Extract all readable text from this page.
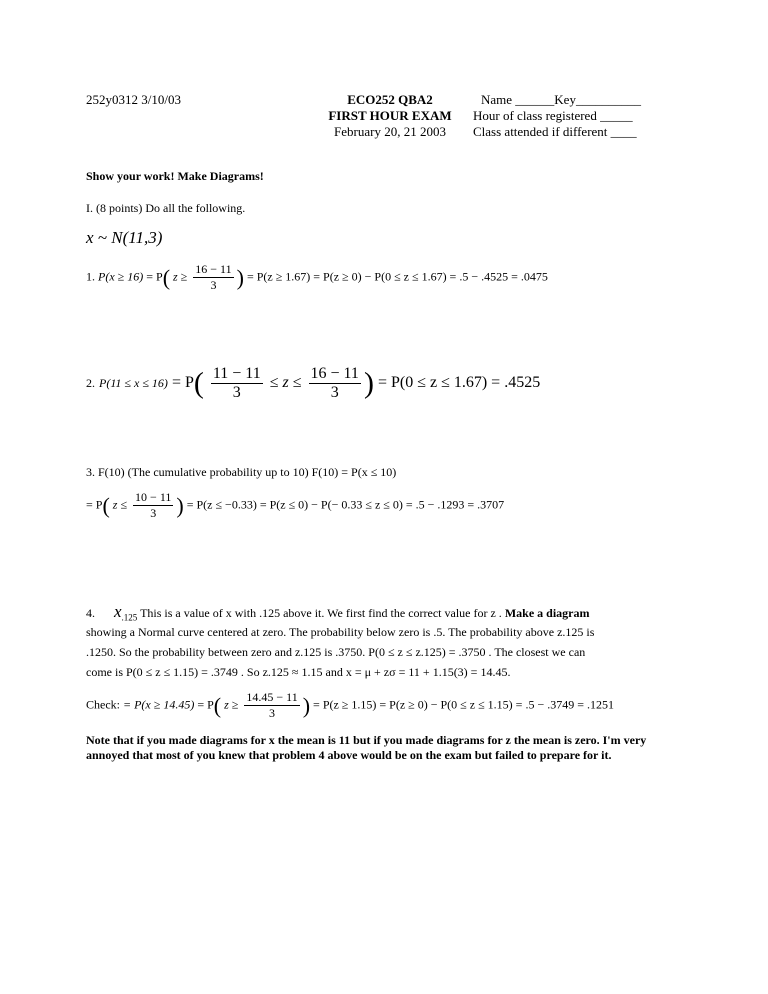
252y0312 3/10/03	ECO252 QBA2
FIRST HOUR EXAM
February 20, 21 2003
Name ______Key__________
Hour of class registered _____
Class attended if different ____
Show your work! Make Diagrams!
I. (8 points) Do all the following.
x ~ N(11,3)
1. P(x ≥ 16) = P( $z \ge \frac{16 - 11}{3}$ ) = P(z ≥ 1.67) = P(z ≥ 0) − P(0 ≤ z ≤ 1.67) = .5 − .4525 = .0475
2. $P(11 \le x \le 16) = P( \frac{11 - 11}{3} \le z \le \frac{16 - 11}{3}$ ) = P(0 ≤ z ≤ 1.67) = .4525
3. F(10) (The cumulative probability up to 10) F(10) = P(x ≤ 10)
= P( $z \le \frac{10 - 11}{3}$ ) = P(z ≤ −0.33) = P(z ≤ 0) − P(− 0.33 ≤ z ≤ 0) = .5 − .1293 = .3707
4. $x_{.125}$ This is a value of x with .125 above it. We first find the correct value for z . Make a diagram
showing a Normal curve centered at zero. The probability below zero is .5. The probability above z.125 is
.1250. So the probability between zero and z.125 is .3750. P(0 ≤ z ≤ z.125) = .3750 . The closest we can
come is P(0 ≤ z ≤ 1.15) = .3749 . So z.125 ≈ 1.15 and x = μ + zσ = 11 + 1.15(3) = 14.45.
Check: = P(x ≥ 14.45) = P( $z \ge \frac{14.45 - 11}{3}$ ) = P(z ≥ 1.15) = P(z ≥ 0) − P(0 ≤ z ≤ 1.15) = .5 − .3749 = .1251
Note that if you made diagrams for x the mean is 11 but if you made diagrams for z the mean is zero. I'm very annoyed that most of you knew that problem 4 above would be on the exam but failed to prepare for it.
